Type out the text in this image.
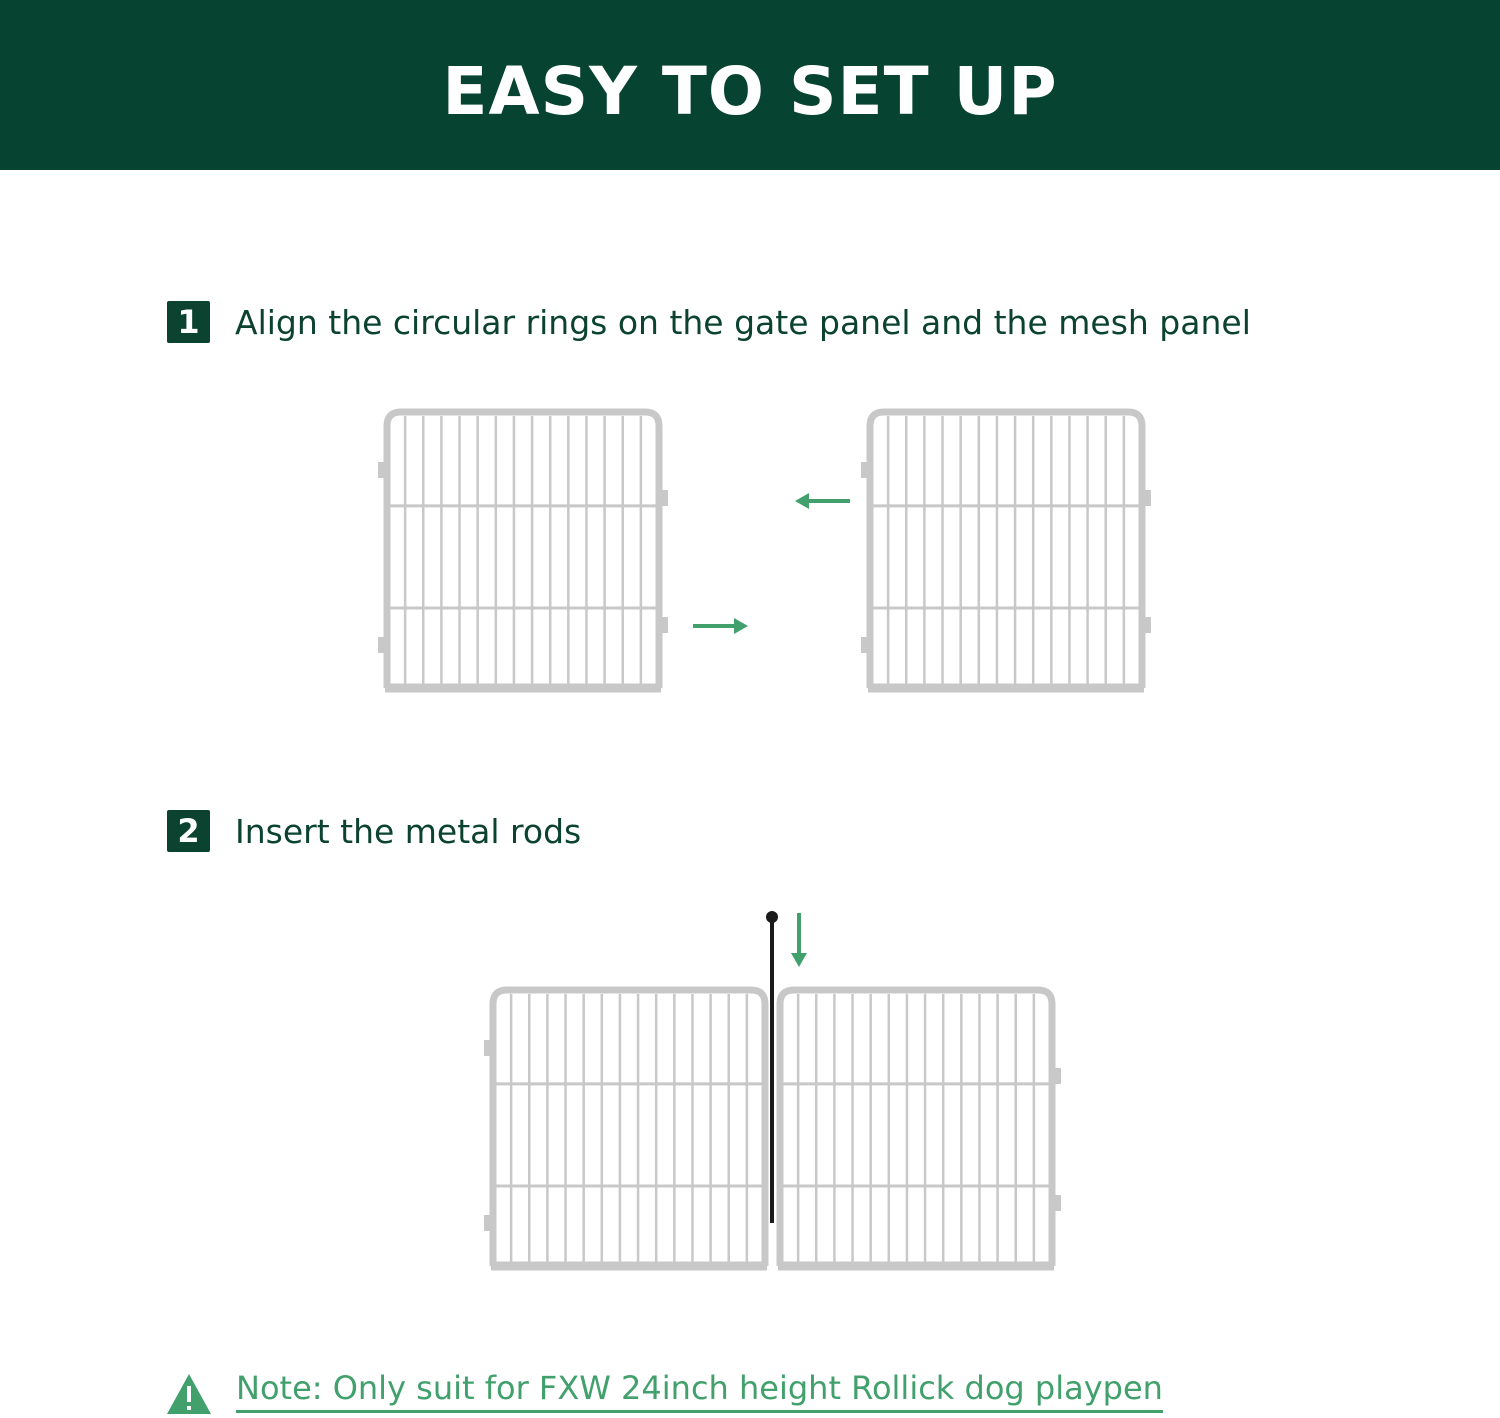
EASY TO SET UP
1	Align the circular rings on the gate panel and the mesh panel
2	Insert the metal rods
Note: Only suit for FXW 24inch height Rollick dog playpen
